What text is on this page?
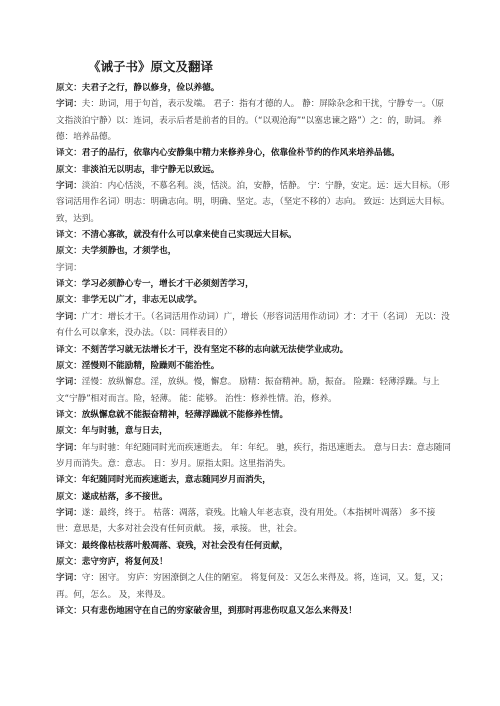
《诫子书》原文及翻译

原文：夫君子之行，静以修身，俭以养德。

字词：夫：助词，用于句首，表示发端。 君子：指有才德的人。 静：屏除杂念和干扰，宁静专一。（原文指淡泊宁静）以：连词，表示后者是前者的目的。（“以观沧海”“以塞忠谏之路”）之：的，助词。 养德：培养品德。

译文：君子的品行，依靠内心安静集中精力来修养身心，依靠俭朴节约的作风来培养品德。

原文：非淡泊无以明志，非宁静无以致远。

字词：淡泊：内心恬淡，不慕名利。淡，恬淡。泊，安静，恬静。 宁：宁静，安定。远：远大目标。（形容词活用作名词）明志：明确志向。明，明确、坚定。志，（坚定不移的）志向。 致远：达到远大目标。致，达到。

译文：不清心寡欲，就没有什么可以拿来使自己实现远大目标。

原文：夫学须静也，才须学也，

字词：

译文：学习必须静心专一，增长才干必须刻苦学习，

原文：非学无以广才，非志无以成学。

字词：广才：增长才干。（名词活用作动词）广，增长（形容词活用作动词）才：才干（名词） 无以：没有什么可以拿来，没办法。（以：同样表目的）

译文：不刻苦学习就无法增长才干，没有坚定不移的志向就无法使学业成功。

原文：淫慢则不能励精，险躁则不能治性。

字词：淫慢：放纵懈怠。淫，放纵。慢，懈怠。 励精：振奋精神。励，振奋。 险躁：轻薄浮躁。与上文“宁静”相对而言。险，轻薄。 能：能够。 治性：修养性情。治，修养。

译文：放纵懈怠就不能振奋精神，轻薄浮躁就不能修养性情。

原文：年与时驰，意与日去，

字词：年与时驰：年纪随同时光而疾速逝去。 年：年纪。 驰，疾行，指迅速逝去。 意与日去：意志随同岁月而消失。意：意志。 日：岁月。原指太阳。这里指消失。

译文：年纪随同时光而疾速逝去，意志随同岁月而消失，

原文：遂成枯落，多不接世。

字词：遂：最终，终于。 枯落：凋落，衰残。比喻人年老志衰，没有用处。（本指树叶凋落） 多不接世：意思是，大多对社会没有任何贡献。 接，承接。 世，社会。

译文：最终像枯枝落叶般凋落、衰残，对社会没有任何贡献，

原文：悲守穷庐，将复何及！

字词：守：困守。 穷庐：穷困潦倒之人住的陋室。 将复何及：又怎么来得及。将，连词，又。复，又；再。何，怎么。 及，来得及。

译文：只有悲伤地困守在自己的穷家破舍里，到那时再悲伤叹息又怎么来得及！
